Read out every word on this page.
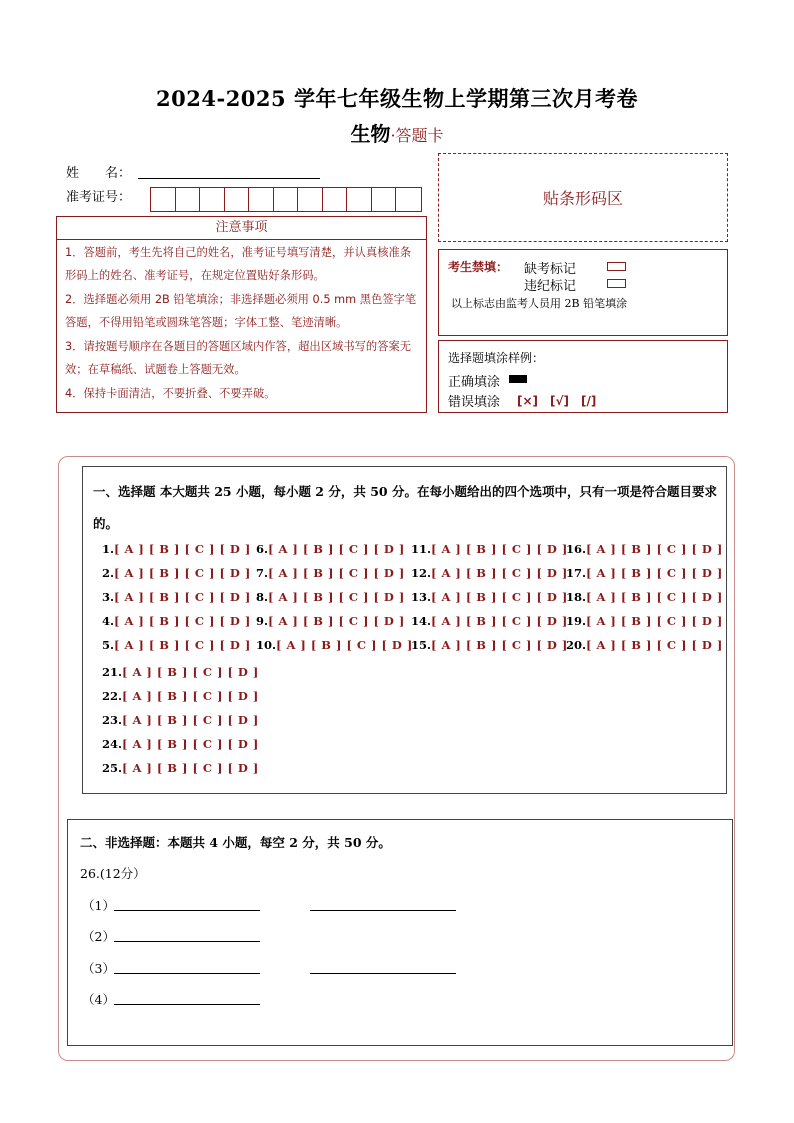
2024-2025 学年七年级生物上学期第三次月考卷
生物·答题卡
姓　　名：
准考证号：	贴条形码区
注意事项
1．答题前，考生先将自己的姓名，准考证号填写清楚，并认真核准条形码上的姓名、准考证号，在规定位置贴好条形码。
2．选择题必须用 2B 铅笔填涂；非选择题必须用 0.5 mm 黑色签字笔答题，不得用铅笔或圆珠笔答题；字体工整、笔迹清晰。
3．请按题号顺序在各题目的答题区域内作答，超出区域书写的答案无效；在草稿纸、试题卷上答题无效。
4．保持卡面清洁，不要折叠、不要弄破。
考生禁填： 缺考标记
违纪标记
以上标志由监考人员用 2B 铅笔填涂
选择题填涂样例：
正确填涂
错误填涂 [×]　[√]　[/]
一、选择题 本大题共 25 小题，每小题 2 分，共 50 分。在每小题给出的四个选项中，只有一项是符合题目要求的。
1.[ A ] [ B ] [ C ] [ D ]
2.[ A ] [ B ] [ C ] [ D ]
3.[ A ] [ B ] [ C ] [ D ]
4.[ A ] [ B ] [ C ] [ D ]
5.[ A ] [ B ] [ C ] [ D ]
6.[ A ] [ B ] [ C ] [ D ]
7.[ A ] [ B ] [ C ] [ D ]
8.[ A ] [ B ] [ C ] [ D ]
9.[ A ] [ B ] [ C ] [ D ]
10.[ A ] [ B ] [ C ] [ D ]
11.[ A ] [ B ] [ C ] [ D ]
12.[ A ] [ B ] [ C ] [ D ]
13.[ A ] [ B ] [ C ] [ D ]
14.[ A ] [ B ] [ C ] [ D ]
15.[ A ] [ B ] [ C ] [ D ]
16.[ A ] [ B ] [ C ] [ D ]
17.[ A ] [ B ] [ C ] [ D ]
18.[ A ] [ B ] [ C ] [ D ]
19.[ A ] [ B ] [ C ] [ D ]
20.[ A ] [ B ] [ C ] [ D ]
21.[ A ] [ B ] [ C ] [ D ]
22.[ A ] [ B ] [ C ] [ D ]
23.[ A ] [ B ] [ C ] [ D ]
24.[ A ] [ B ] [ C ] [ D ]
25.[ A ] [ B ] [ C ] [ D ]
二、非选择题：本题共 4 小题，每空 2 分，共 50 分。
26.(12分）
（1）
（2）
（3）
（4）
